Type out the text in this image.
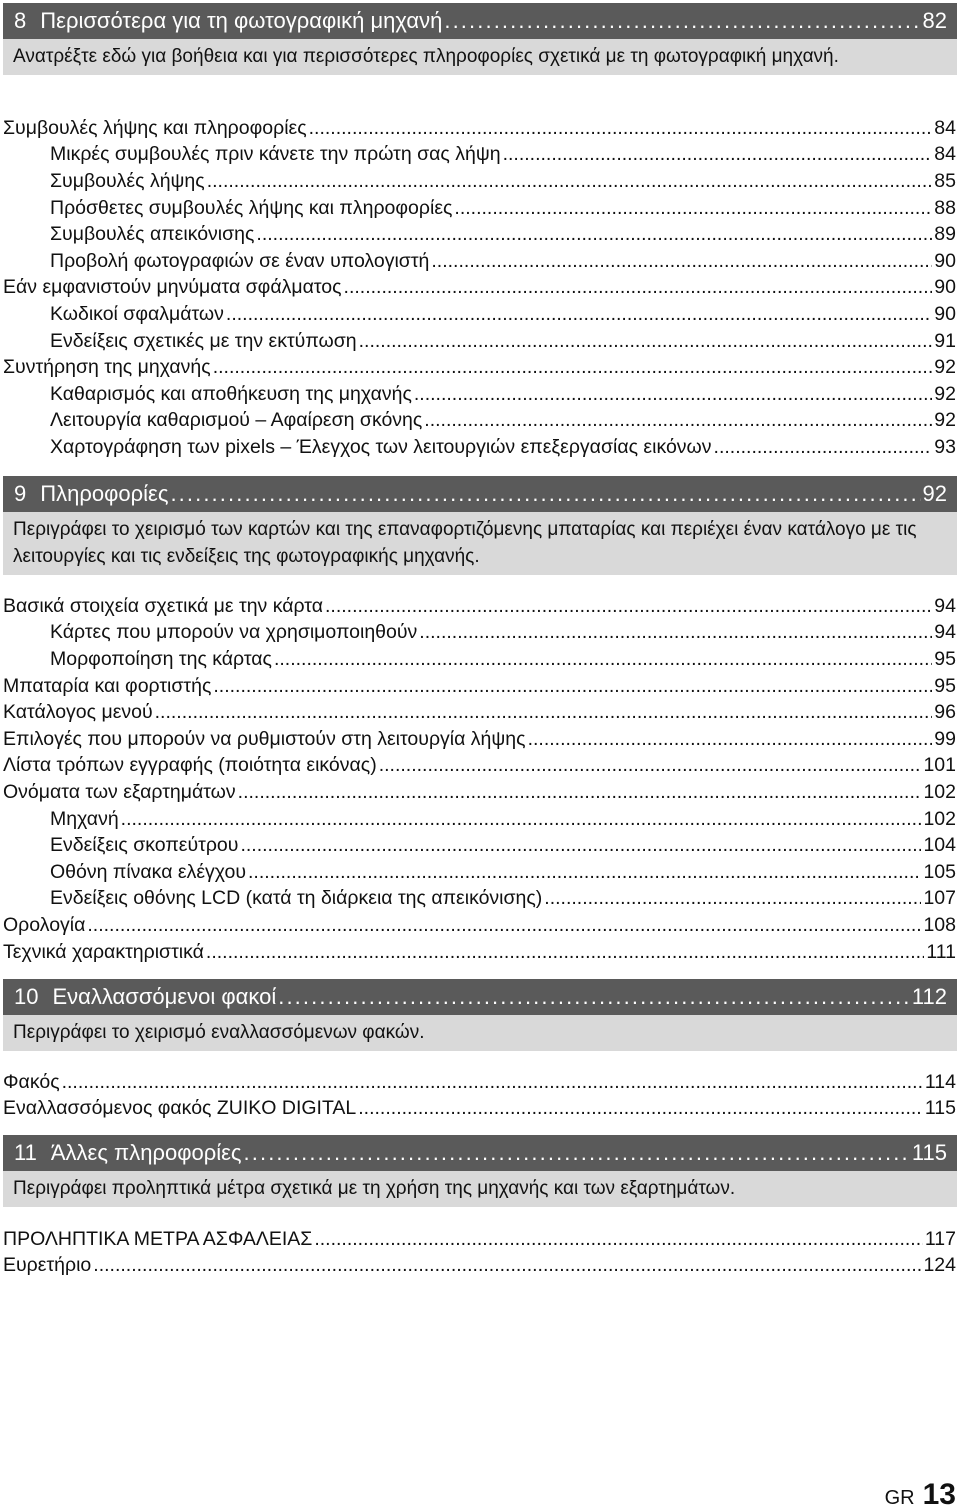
8 Περισσότερα για τη φωτογραφική μηχανή . . .	82
Ανατρέξτε εδώ για βοήθεια και για περισσότερες πληροφορίες σχετικά με τη φωτογραφική μηχανή.
Συμβουλές λήψης και πληροφορίες .....	84
Μικρές συμβουλές πριν κάνετε την πρώτη σας λήψη .....	84
Συμβουλές λήψης .....	85
Πρόσθετες συμβουλές λήψης και πληροφορίες .....	88
Συμβουλές απεικόνισης .....	89
Προβολή φωτογραφιών σε έναν υπολογιστή .....	90
Εάν εμφανιστούν μηνύματα σφάλματος .....	90
Κωδικοί σφαλμάτων .....	90
Ενδείξεις σχετικές με την εκτύπωση .....	91
Συντήρηση της μηχανής .....	92
Καθαρισμός και αποθήκευση της μηχανής .....	92
Λειτουργία καθαρισμού – Αφαίρεση σκόνης .....	92
Χαρτογράφηση των pixels – Έλεγχος των λειτουργιών επεξεργασίας εικόνων .....	93
9 Πληροφορίες . . .	92
Περιγράφει το χειρισμό των καρτών και της επαναφορτιζόμενης μπαταρίας και περιέχει έναν κατάλογο με τις λειτουργίες και τις ενδείξεις της φωτογραφικής μηχανής.
Βασικά στοιχεία σχετικά με την κάρτα .....	94
Κάρτες που μπορούν να χρησιμοποιηθούν .....	94
Μορφοποίηση της κάρτας .....	95
Μπαταρία και φορτιστής .....	95
Κατάλογος μενού .....	96
Επιλογές που μπορούν να ρυθμιστούν στη λειτουργία λήψης .....	99
Λίστα τρόπων εγγραφής (ποιότητα εικόνας) .....	101
Ονόματα των εξαρτημάτων .....	102
Μηχανή .....	102
Ενδείξεις σκοπεύτρου .....	104
Οθόνη πίνακα ελέγχου .....	105
Ενδείξεις οθόνης LCD (κατά τη διάρκεια της απεικόνισης) .....	107
Ορολογία .....	108
Τεχνικά χαρακτηριστικά .....	111
10 Εναλλασσόμενοι φακοί . . .	112
Περιγράφει το χειρισμό εναλλασσόμενων φακών.
Φακός .....	114
Εναλλασσόμενος φακός ZUIKO DIGITAL .....	115
11 Άλλες πληροφορίες . . .	115
Περιγράφει προληπτικά μέτρα σχετικά με τη χρήση της μηχανής και των εξαρτημάτων.
ΠΡΟΛΗΠΤΙΚΑ ΜΕΤΡΑ ΑΣΦΑΛΕΙΑΣ .....	117
Ευρετήριο .....	124
GR 13
